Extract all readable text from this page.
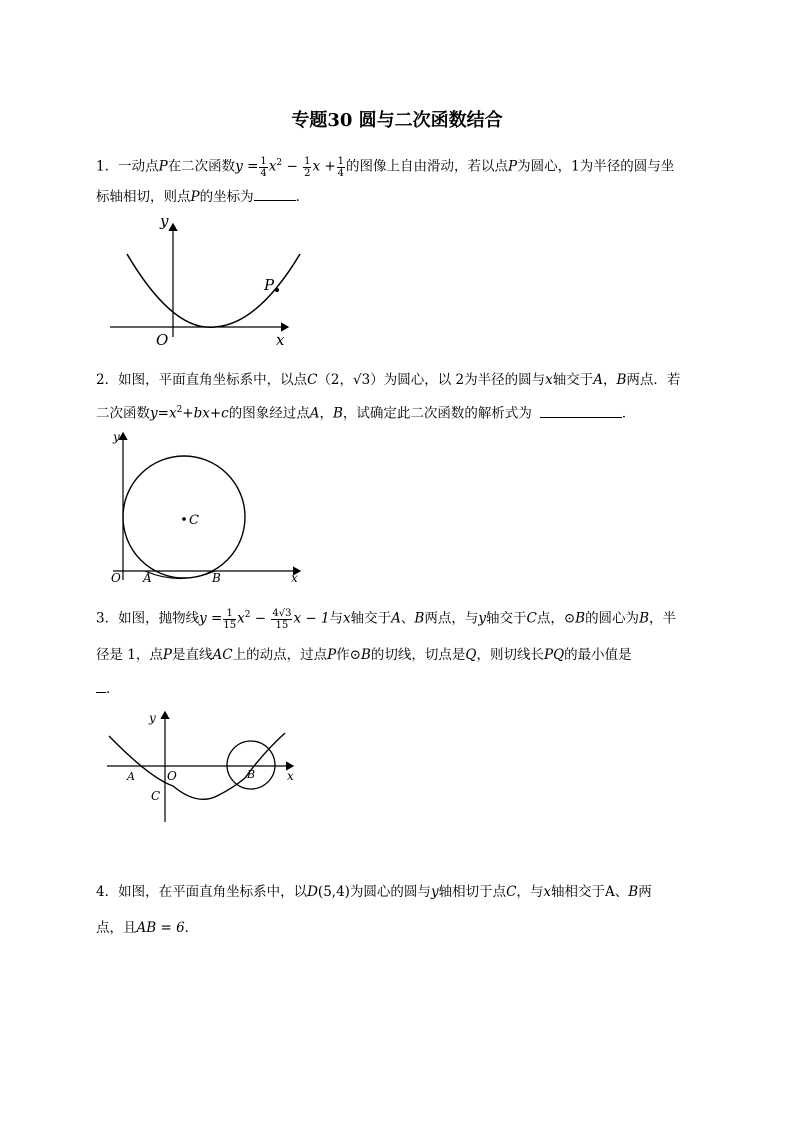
专题30 圆与二次函数结合
1．一动点P在二次函数$y = \frac{1}{4} x^2 - \frac{1}{2}$ $x + \frac{1}{4}$ 的图像上自由滑动，若以点P为圆心，1为半径的圆与坐
标轴相切，则点P的坐标为	．
P
y
x
O
2．如图，平面直角坐标系中，以点C（2，√3）为圆心，以 2为半径的圆与x轴交于A，B两点．若
二次函数$y=x^2+bx+c$的图象经过点A，B，试确定此二次函数的解析式为	．
C
y
x
O A	B
3．如图，抛物线$y = \frac{1}{15} x^2 - \frac{4√3}{15}$ x − 1与x轴交于A、B两点，与y轴交于C点，⊙B的圆心为B，半
径是 1，点P是直线AC上的动点，过点P作⊙B的切线，切点是Q，则切线长PQ的最小值是
．
y
x
O
A	B
C
4．如图，在平面直角坐标系中，以D(5,4)为圆心的圆与y轴相切于点C，与x轴相交于A、B两
点，且AB = 6．
